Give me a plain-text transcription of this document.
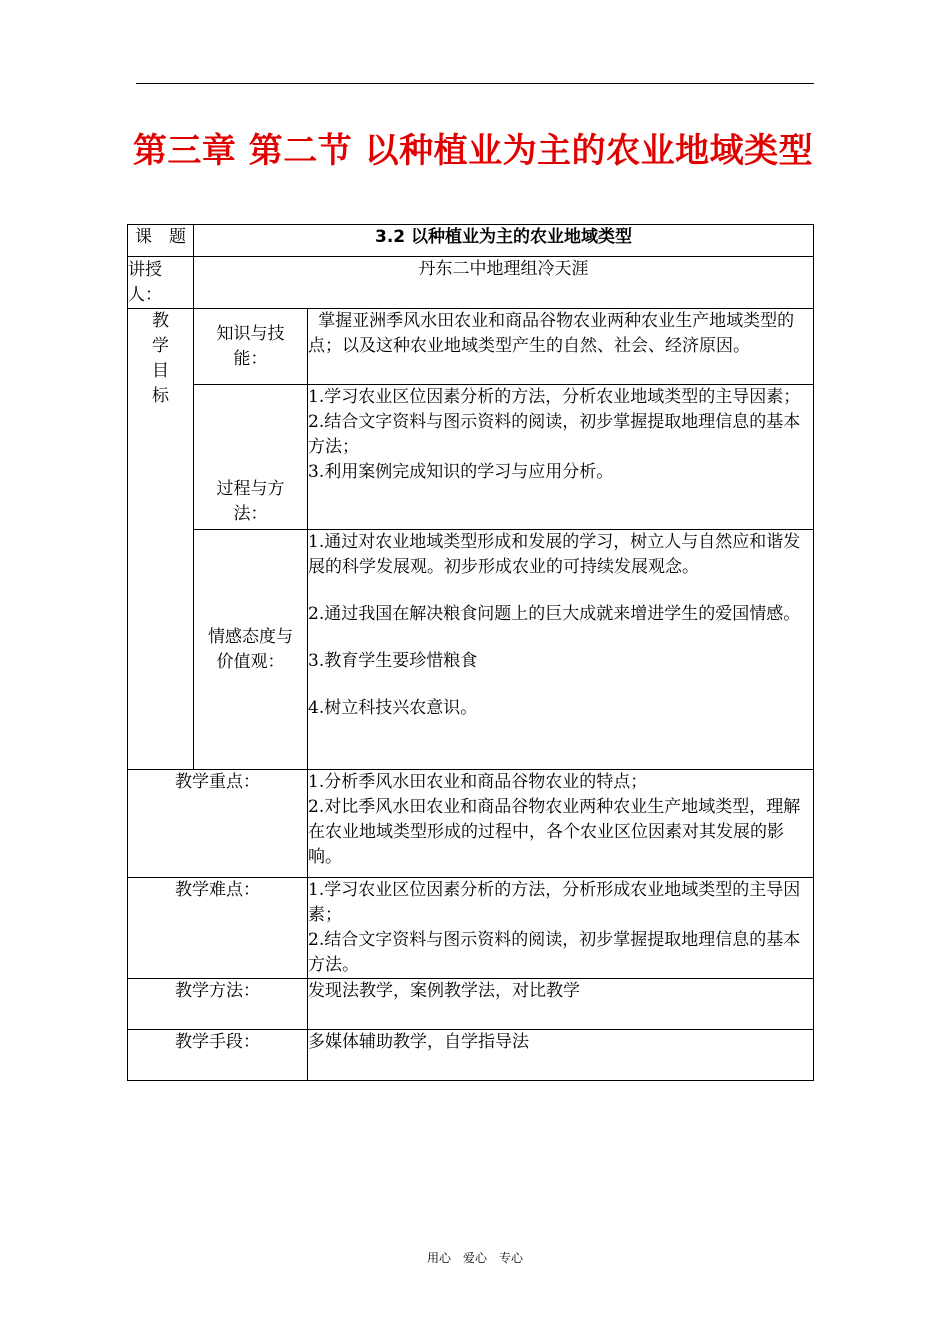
第三章 第二节 以种植业为主的农业地域类型
课　题	3.2 以种植业为主的农业地域类型	
讲授人：	丹东二中地理组冷天涯	

教学目标	知识与技能：	掌握亚洲季风水田农业和商品谷物农业两种农业生产地域类型的点；以及这种农业地域类型产生的自然、社会、经济原因。

	过程与方法：	1.学习农业区位因素分析的方法，分析农业地域类型的主导因素；2.结合文字资料与图示资料的阅读，初步掌握提取地理信息的基本方法；

3.利用案例完成知识的学习与应用分析。

	情感态度与价值观：	1.通过对农业地域类型形成和发展的学习，树立人与自然应和谐发展的科学发展观。初步形成农业的可持续发展观念。

2.通过我国在解决粮食问题上的巨大成就来增进学生的爱国情感。

3.教育学生要珍惜粮食

4.树立科技兴农意识。

教学重点：		1.分析季风水田农业和商品谷物农业的特点；

2.对比季风水田农业和商品谷物农业两种农业生产地域类型，理解在农业地域类型形成的过程中，各个农业区位因素对其发展的影响。

教学难点：		1.学习农业区位因素分析的方法，分析形成农业地域类型的主导因素；

2.结合文字资料与图示资料的阅读，初步掌握提取地理信息的基本方法。

教学方法：		发现法教学，案例教学法，对比教学

教学手段：		多媒体辅助教学，自学指导法

用心　爱心　专心
